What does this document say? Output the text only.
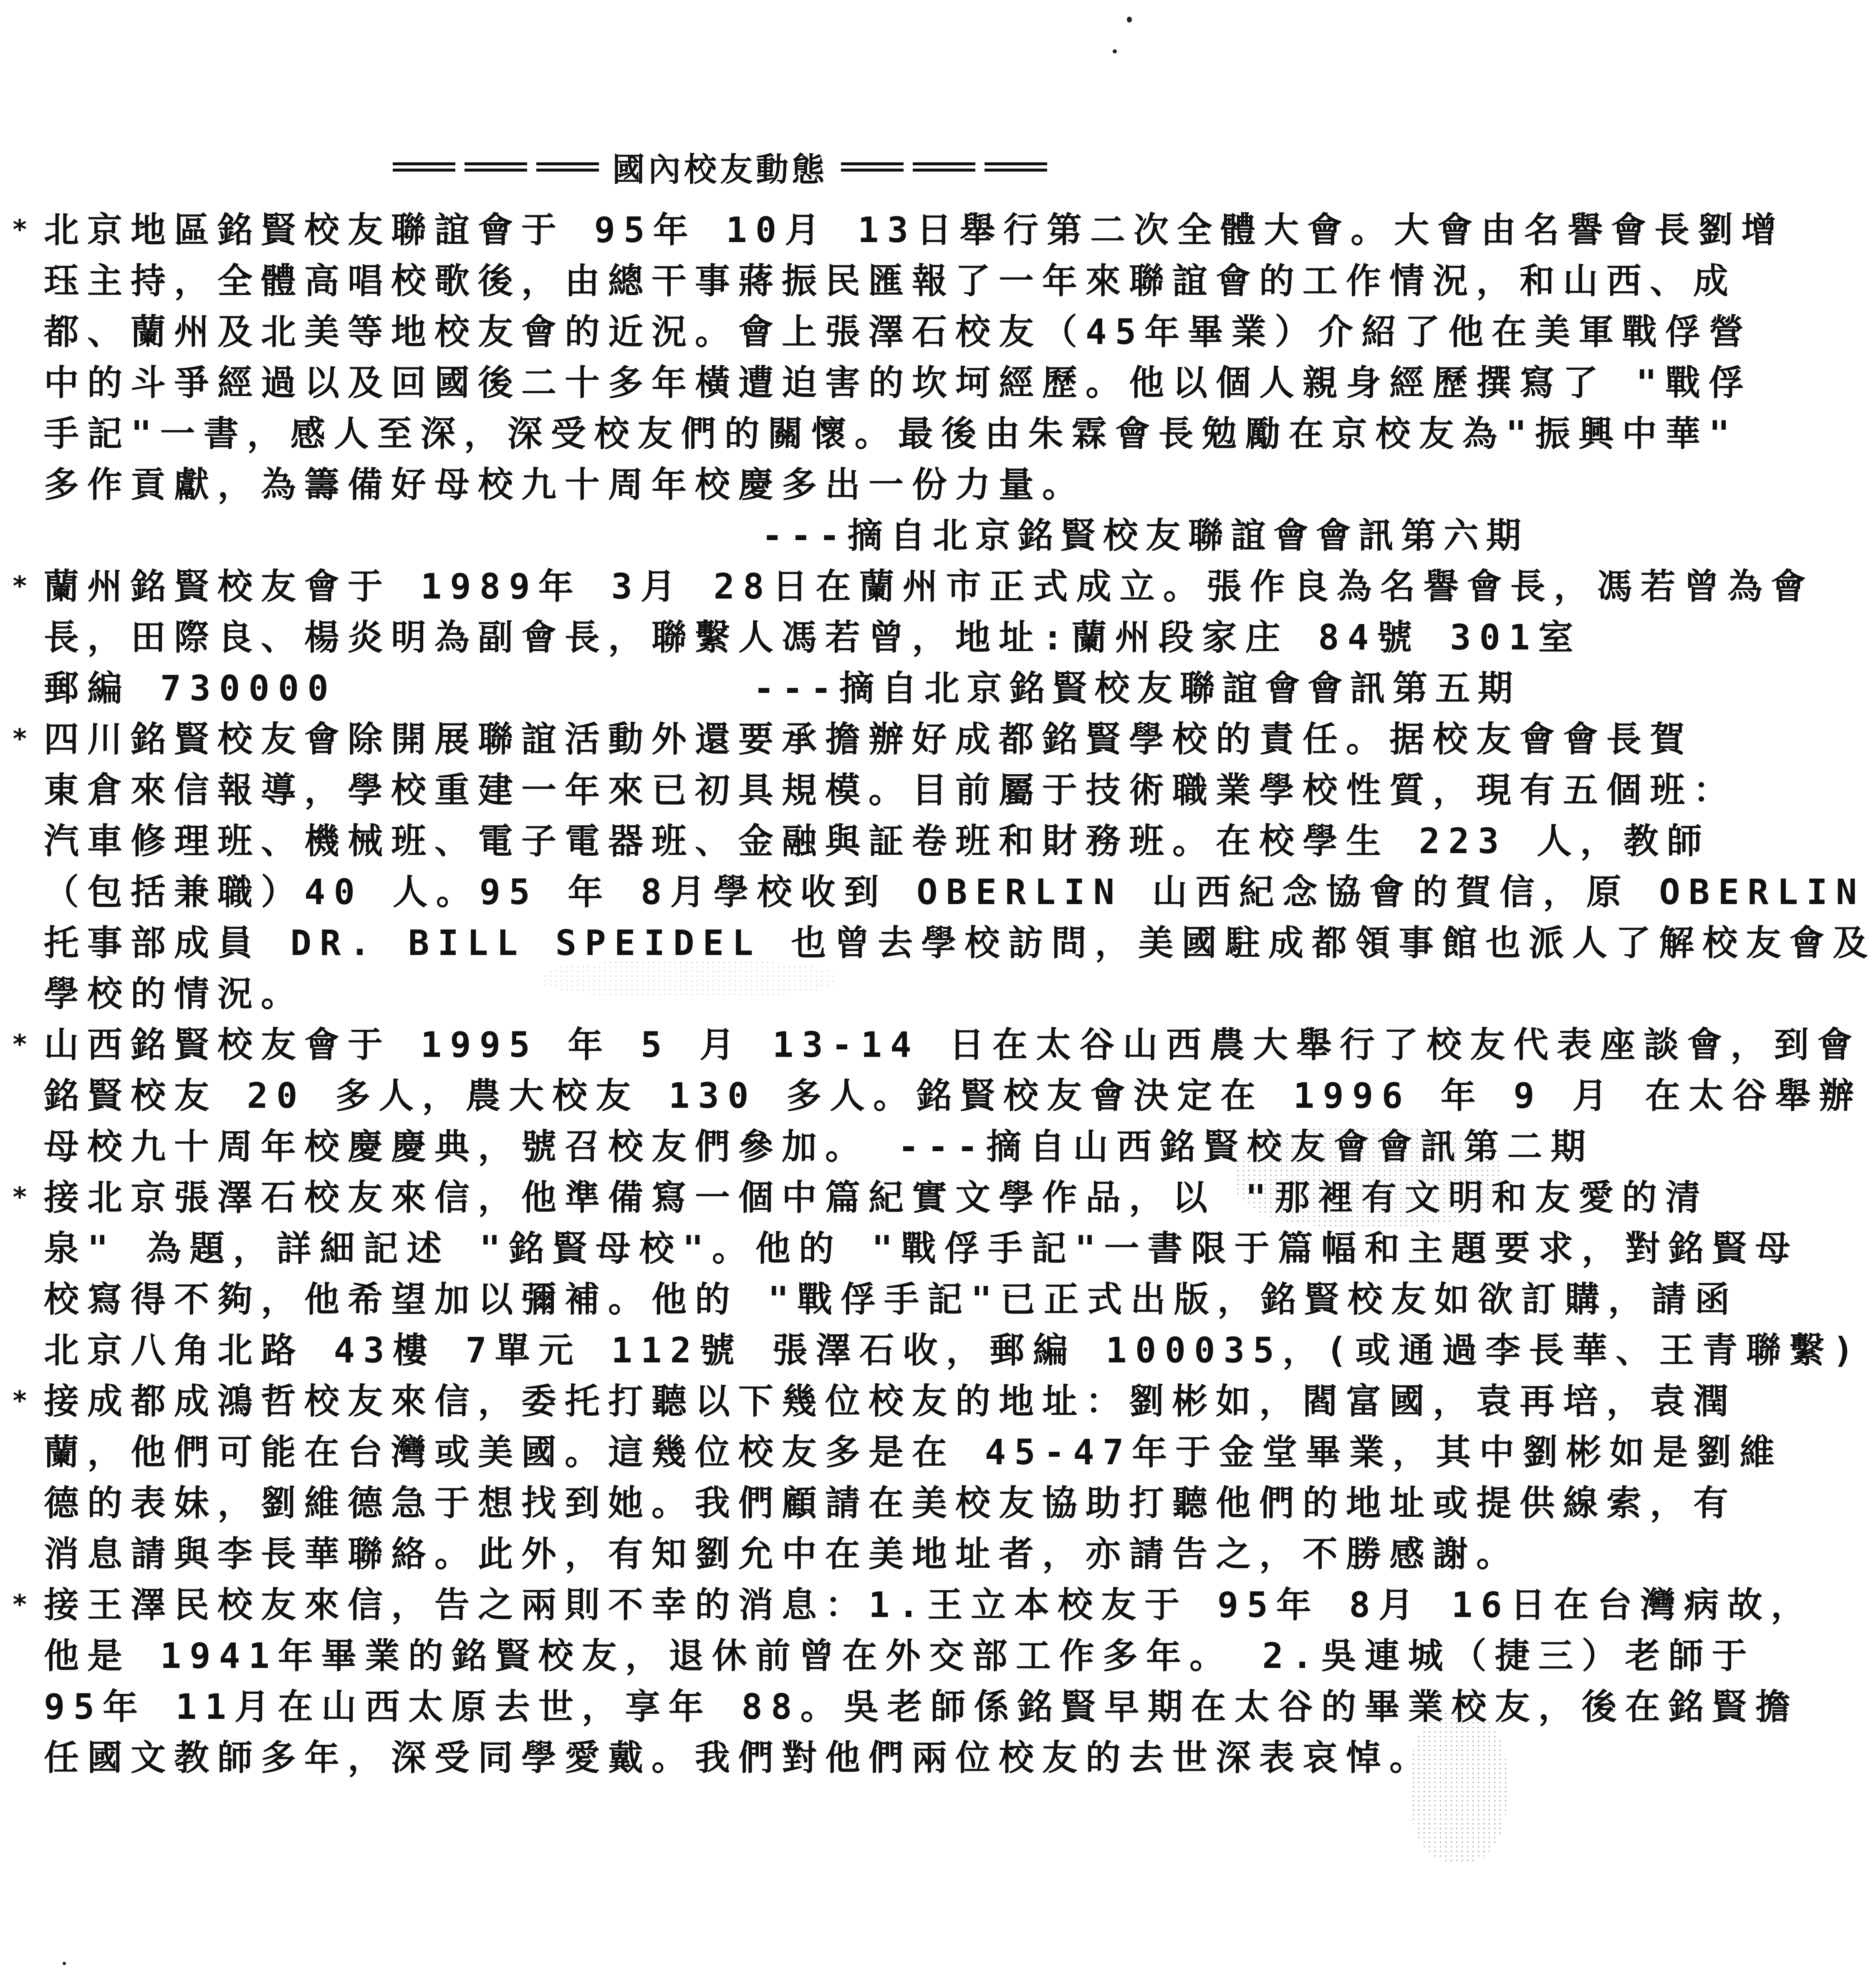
國內校友動態
* 北京地區銘賢校友聯誼會于 95年 10月 13日舉行第二次全體大會。大會由名譽會長劉增
珏主持，全體高唱校歌後，由總干事蔣振民匯報了一年來聯誼會的工作情況，和山西、成
都、蘭州及北美等地校友會的近況。會上張澤石校友（45年畢業）介紹了他在美軍戰俘營
中的斗爭經過以及回國後二十多年橫遭迫害的坎坷經歷。他以個人親身經歷撰寫了 "戰俘
手記"一書，感人至深，深受校友們的關懷。最後由朱霖會長勉勵在京校友為"振興中華"
多作貢獻，為籌備好母校九十周年校慶多出一份力量。
---摘自北京銘賢校友聯誼會會訊第六期
* 蘭州銘賢校友會于 1989年 3月 28日在蘭州市正式成立。張作良為名譽會長，馮若曾為會
長，田際良、楊炎明為副會長，聯繫人馮若曾，地址:蘭州段家庄 84號 301室
郵編 730000	---摘自北京銘賢校友聯誼會會訊第五期
* 四川銘賢校友會除開展聯誼活動外還要承擔辦好成都銘賢學校的責任。据校友會會長賀
東倉來信報導，學校重建一年來已初具規模。目前屬于技術職業學校性質，現有五個班：
汽車修理班、機械班、電子電器班、金融與証卷班和財務班。在校學生 223 人，教師
（包括兼職）40 人。95 年 8月學校收到 OBERLIN 山西紀念協會的賀信，原 OBERLIN
托事部成員 DR. BILL SPEIDEL 也曾去學校訪問，美國駐成都領事館也派人了解校友會及
學校的情況。
* 山西銘賢校友會于 1995 年 5 月 13-14 日在太谷山西農大舉行了校友代表座談會，到會
銘賢校友 20 多人，農大校友 130 多人。銘賢校友會決定在 1996 年 9 月 在太谷舉辦
母校九十周年校慶慶典，號召校友們參加。 ---摘自山西銘賢校友會會訊第二期
* 接北京張澤石校友來信，他準備寫一個中篇紀實文學作品，以 "那裡有文明和友愛的清
泉" 為題，詳細記述 "銘賢母校"。他的 "戰俘手記"一書限于篇幅和主題要求，對銘賢母
校寫得不夠，他希望加以彌補。他的 "戰俘手記"已正式出版，銘賢校友如欲訂購，請函
北京八角北路 43樓 7單元 112號 張澤石收，郵編 100035，(或通過李長華、王青聯繫)
* 接成都成鴻哲校友來信，委托打聽以下幾位校友的地址：劉彬如，閻富國，袁再培，袁潤
蘭，他們可能在台灣或美國。這幾位校友多是在 45-47年于金堂畢業，其中劉彬如是劉維
德的表妹，劉維德急于想找到她。我們顧請在美校友協助打聽他們的地址或提供線索，有
消息請與李長華聯絡。此外，有知劉允中在美地址者，亦請告之，不勝感謝。
* 接王澤民校友來信，告之兩則不幸的消息：1.王立本校友于 95年 8月 16日在台灣病故，
他是 1941年畢業的銘賢校友，退休前曾在外交部工作多年。 2.吳連城（捷三）老師于
95年 11月在山西太原去世，享年 88。吳老師係銘賢早期在太谷的畢業校友，後在銘賢擔
任國文教師多年，深受同學愛戴。我們對他們兩位校友的去世深表哀悼。
